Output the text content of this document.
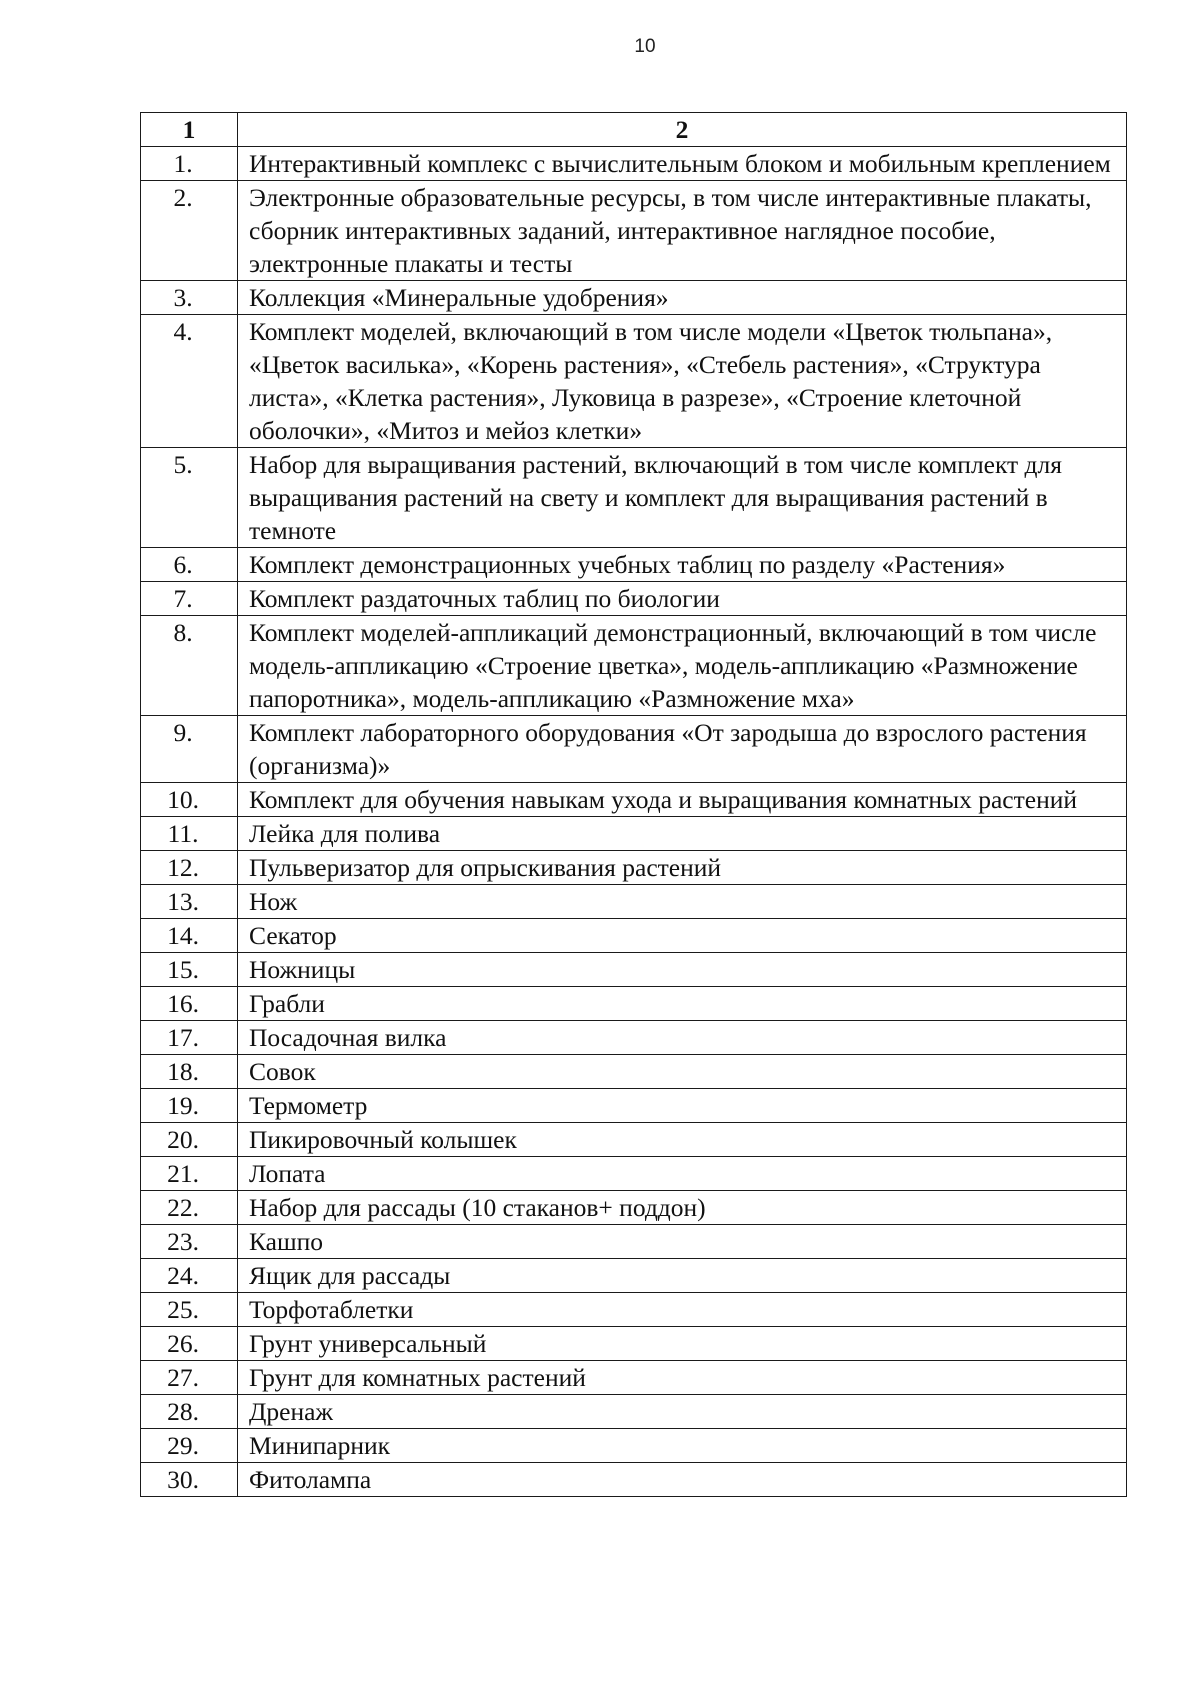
10
1	2
1.	Интерактивный комплекс с вычислительным блоком и мобильным креплением
2.	Электронные образовательные ресурсы, в том числе интерактивные плакаты, сборник интерактивных заданий, интерактивное наглядное пособие, электронные плакаты и тесты
3.	Коллекция «Минеральные удобрения»
4.	Комплект моделей, включающий в том числе модели «Цветок тюльпана», «Цветок василька», «Корень растения», «Стебель растения», «Структура листа», «Клетка растения», Луковица в разрезе», «Строение клеточной оболочки», «Митоз и мейоз клетки»
5.	Набор для выращивания растений, включающий в том числе комплект для выращивания растений на свету и комплект для выращивания растений в темноте
6.	Комплект демонстрационных учебных таблиц по разделу «Растения»
7.	Комплект раздаточных таблиц по биологии
8.	Комплект моделей-аппликаций демонстрационный, включающий в том числе модель-аппликацию «Строение цветка», модель-аппликацию «Размножение папоротника», модель-аппликацию «Размножение мха»
9.	Комплект лабораторного оборудования «От зародыша до взрослого растения (организма)»
10.	Комплект для обучения навыкам ухода и выращивания комнатных растений
11.	Лейка для полива
12.	Пульверизатор для опрыскивания растений
13.	Нож
14.	Секатор
15.	Ножницы
16.	Грабли
17.	Посадочная вилка
18.	Совок
19.	Термометр
20.	Пикировочный колышек
21.	Лопата
22.	Набор для рассады (10 стаканов+ поддон)
23.	Кашпо
24.	Ящик для рассады
25.	Торфотаблетки
26.	Грунт универсальный
27.	Грунт для комнатных растений
28.	Дренаж
29.	Минипарник
30.	Фитолампа
